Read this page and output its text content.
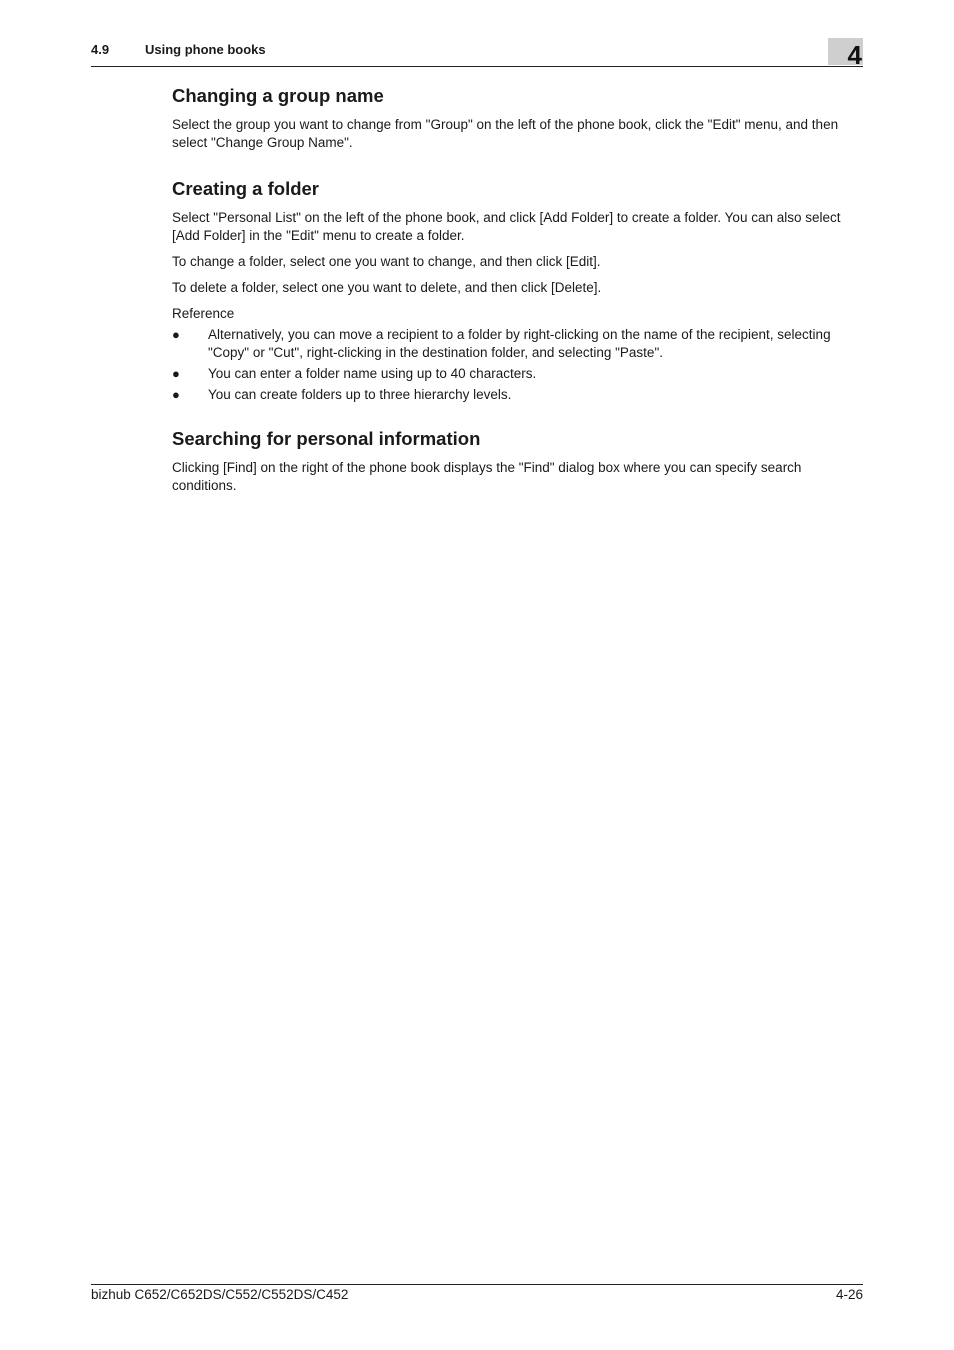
4.9	Using phone books	4
Changing a group name

Select the group you want to change from "Group" on the left of the phone book, click the "Edit" menu, and then select "Change Group Name".

Creating a folder

Select "Personal List" on the left of the phone book, and click [Add Folder] to create a folder. You can also select [Add Folder] in the "Edit" menu to create a folder.

To change a folder, select one you want to change, and then click [Edit].

To delete a folder, select one you want to delete, and then click [Delete].

Reference

● Alternatively, you can move a recipient to a folder by right-clicking on the name of the recipient, selecting "Copy" or "Cut", right-clicking in the destination folder, and selecting "Paste".
● You can enter a folder name using up to 40 characters.
● You can create folders up to three hierarchy levels.
Searching for personal information

Clicking [Find] on the right of the phone book displays the "Find" dialog box where you can specify search conditions.

bizhub C652/C652DS/C552/C552DS/C452	4-26
